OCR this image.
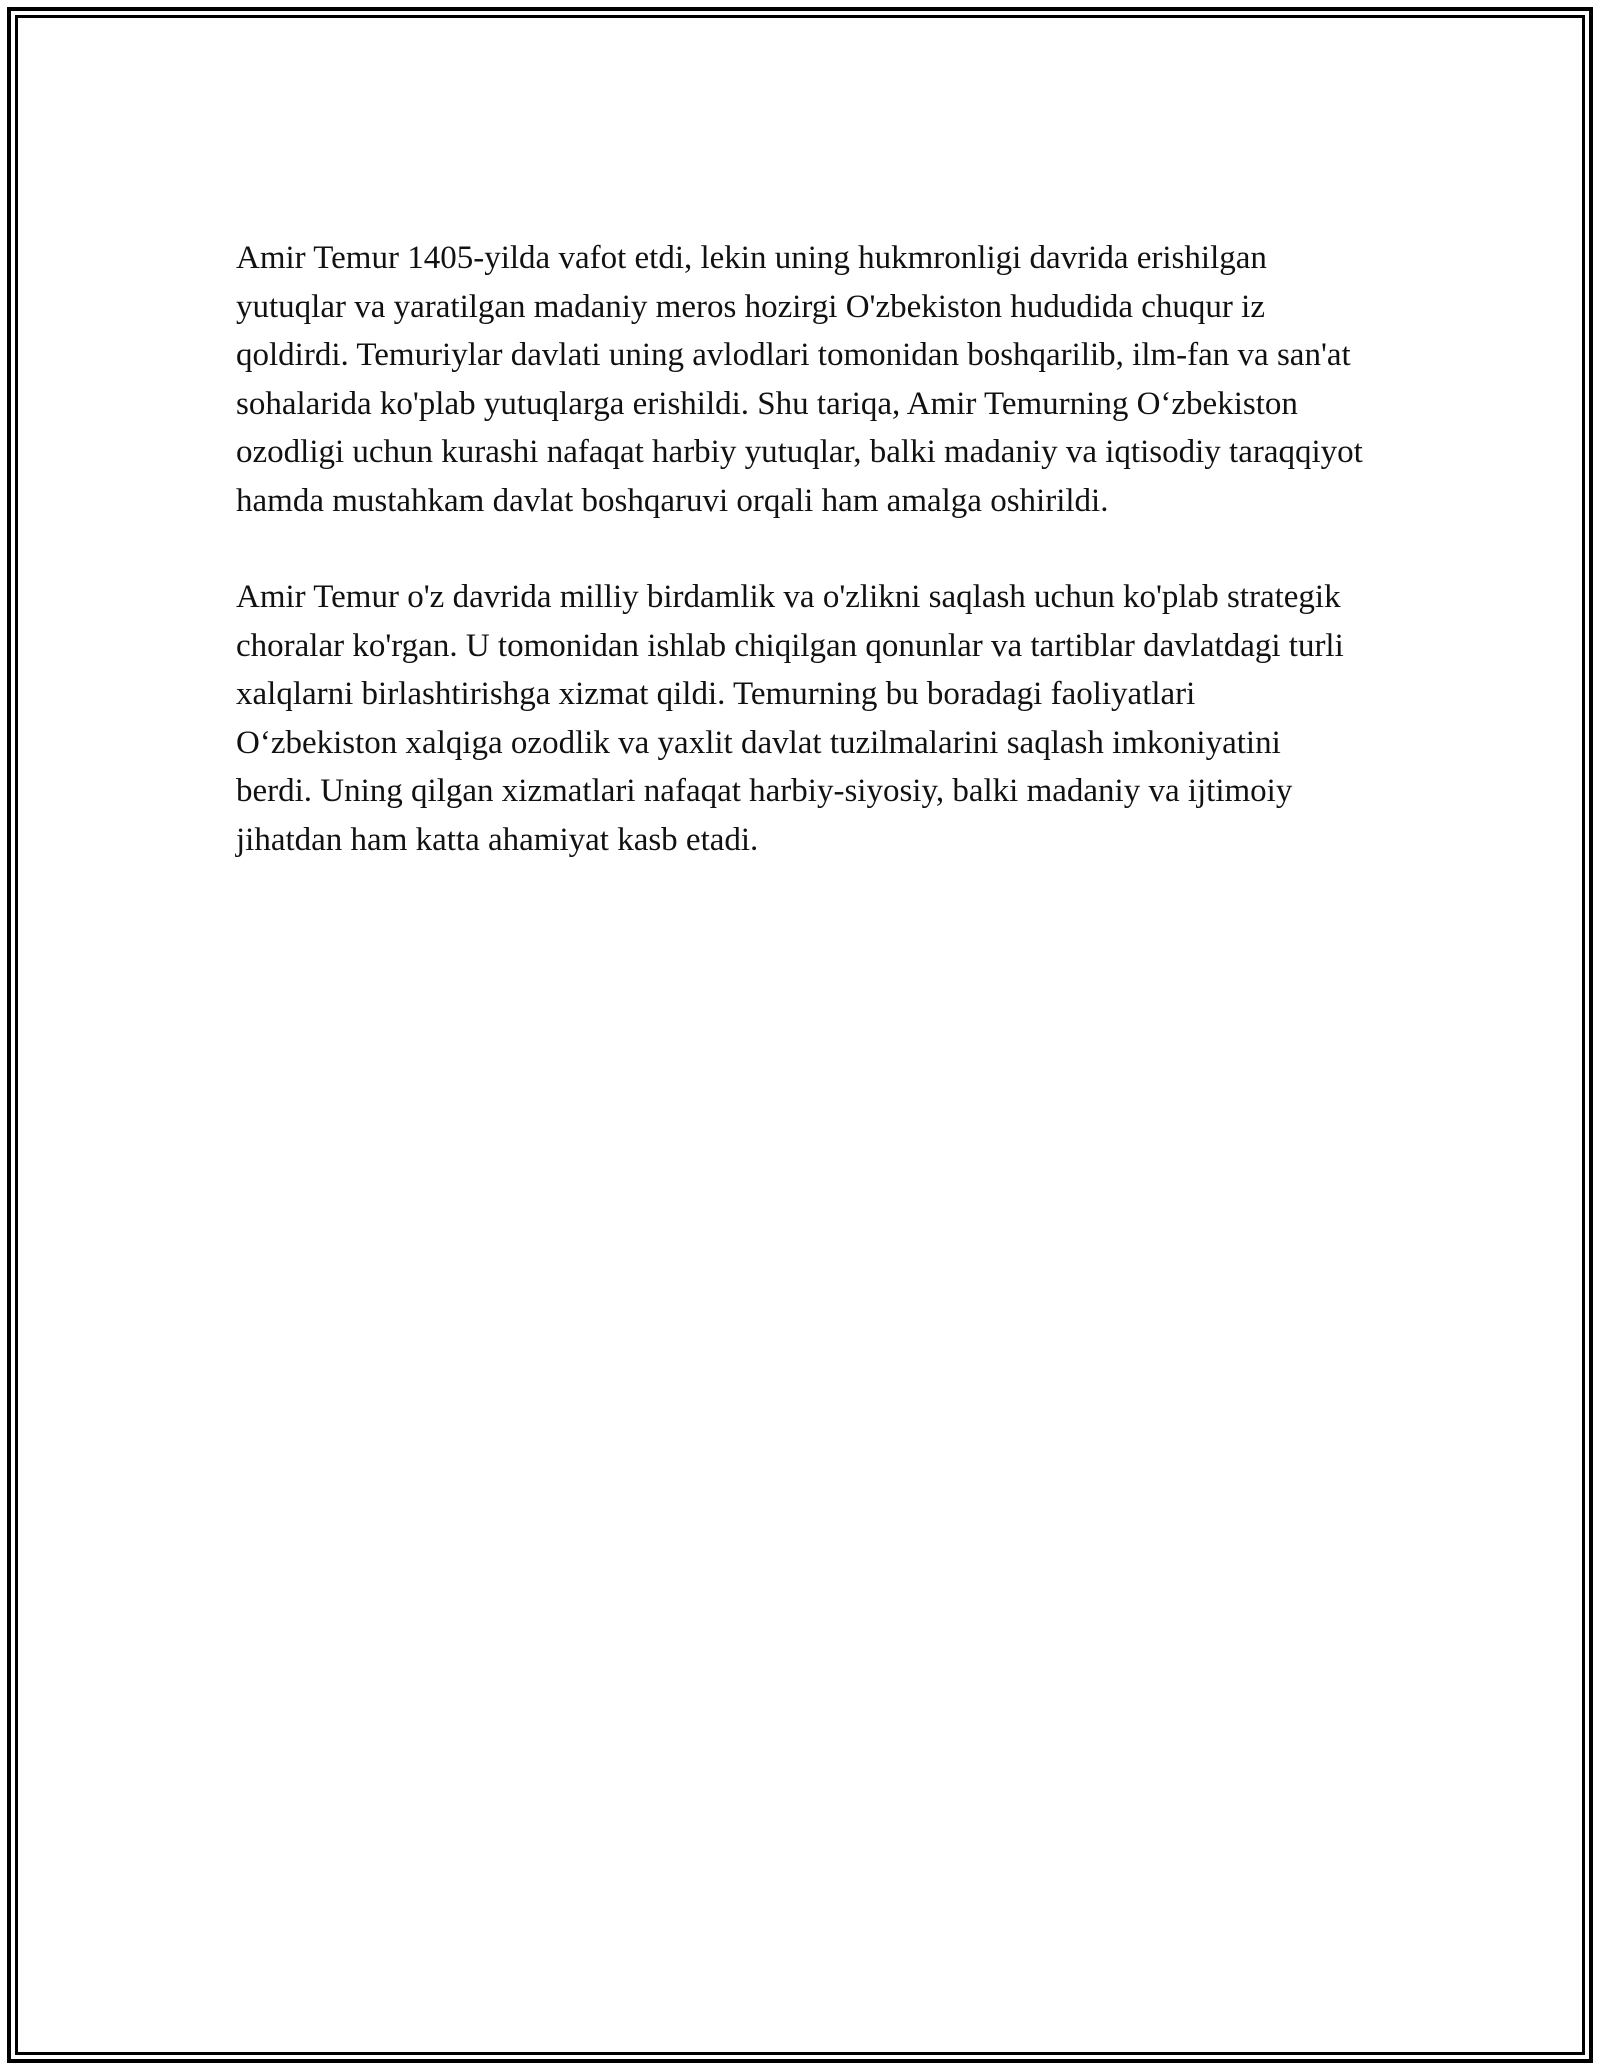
Amir Temur 1405-yilda vafot etdi, lekin uning hukmronligi davrida erishilgan yutuqlar va yaratilgan madaniy meros hozirgi O'zbekiston hududida chuqur iz qoldirdi. Temuriylar davlati uning avlodlari tomonidan boshqarilib, ilm-fan va san'at sohalarida ko'plab yutuqlarga erishildi. Shu tariqa, Amir Temurning O‘zbekiston ozodligi uchun kurashi nafaqat harbiy yutuqlar, balki madaniy va iqtisodiy taraqqiyot hamda mustahkam davlat boshqaruvi orqali ham amalga oshirildi.

Amir Temur o'z davrida milliy birdamlik va o'zlikni saqlash uchun ko'plab strategik choralar ko'rgan. U tomonidan ishlab chiqilgan qonunlar va tartiblar davlatdagi turli xalqlarni birlashtirishga xizmat qildi. Temurning bu boradagi faoliyatlari O‘zbekiston xalqiga ozodlik va yaxlit davlat tuzilmalarini saqlash imkoniyatini berdi. Uning qilgan xizmatlari nafaqat harbiy-siyosiy, balki madaniy va ijtimoiy jihatdan ham katta ahamiyat kasb etadi.
